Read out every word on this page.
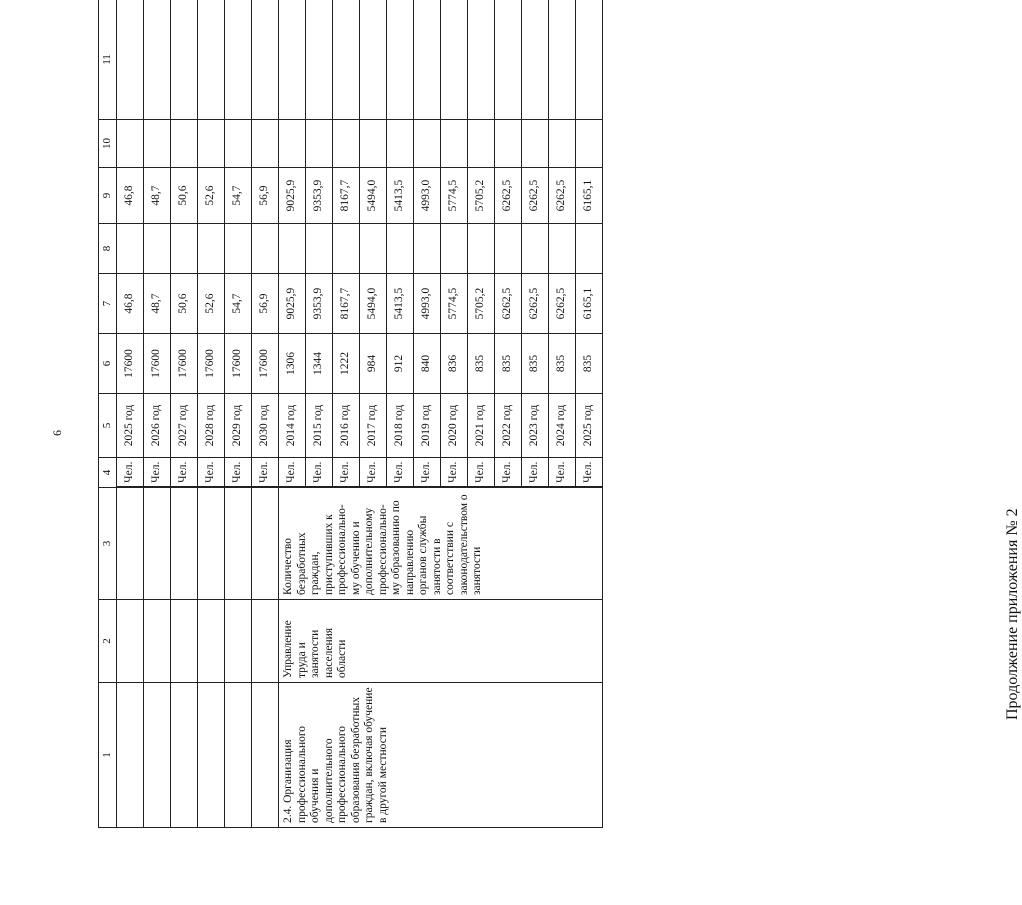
6
Продолжение приложения № 2
1	2	3	4	5	6	7	8	9	10	11
			Чел.	2025 год	17600	46,8		46,8		
			Чел.	2026 год	17600	48,7		48,7		
			Чел.	2027 год	17600	50,6		50,6		
			Чел.	2028 год	17600	52,6		52,6		
			Чел.	2029 год	17600	54,7		54,7		
			Чел.	2030 год	17600	56,9		56,9		
2.4. Организация профессионального обучения и дополнительного профессионального образования безработных граждан, включая обучение в другой местности	Управление труда и занятости населения области	Количество безработных граждан, приступивших к профессионально-му обучению и дополнительному профессионально-му образованию по направлению органов службы занятости в соответствии с законодательством о занятости	Чел.	2014 год	1306	9025,9		9025,9		
			Чел.	2015 год	1344	9353,9		9353,9		
			Чел.	2016 год	1222	8167,7		8167,7		
			Чел.	2017 год	984	5494,0		5494,0		
			Чел.	2018 год	912	5413,5		5413,5		
			Чел.	2019 год	840	4993,0		4993,0		
			Чел.	2020 год	836	5774,5		5774,5		
			Чел.	2021 год	835	5705,2		5705,2		
			Чел.	2022 год	835	6262,5		6262,5		
			Чел.	2023 год	835	6262,5		6262,5		
			Чел.	2024 год	835	6262,5		6262,5		
			Чел.	2025 год	835	6165,1		6165,1		
